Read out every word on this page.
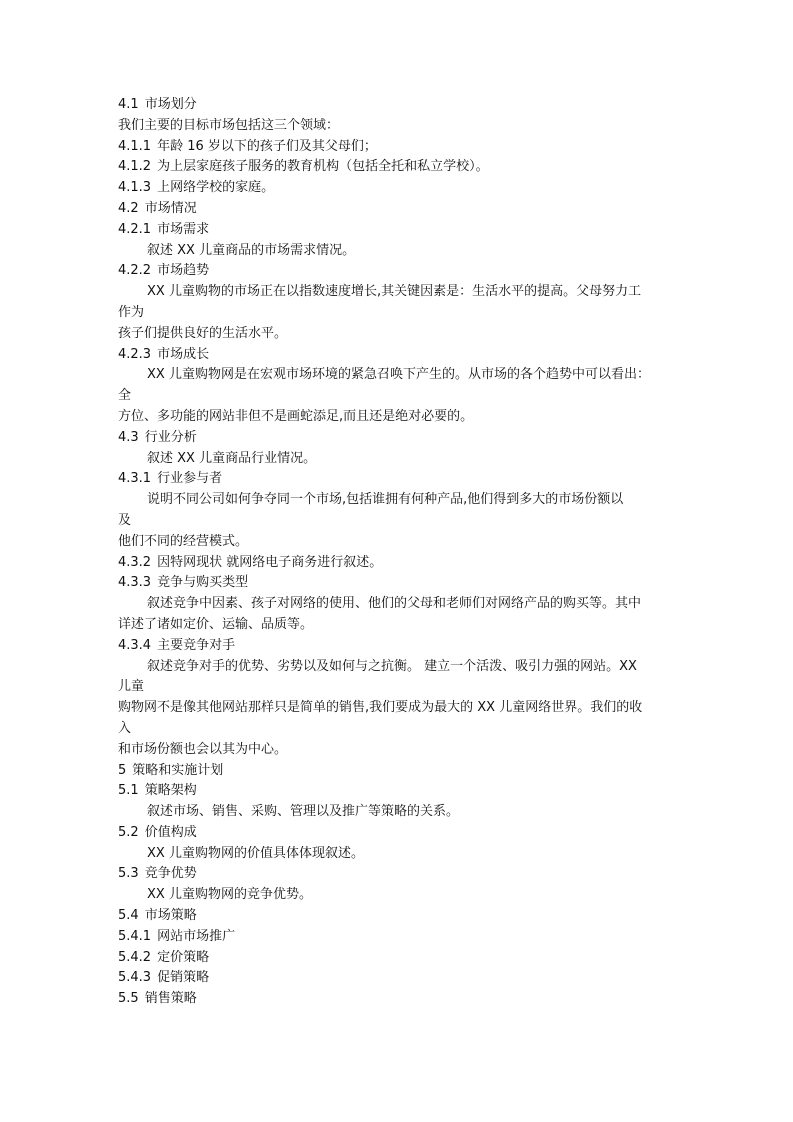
4.1 市场划分
我们主要的目标市场包括这三个领域：
4.1.1 年龄 16 岁以下的孩子们及其父母们；
4.1.2 为上层家庭孩子服务的教育机构（包括全托和私立学校）。
4.1.3 上网络学校的家庭。
4.2 市场情况
4.2.1 市场需求
叙述 XX 儿童商品的市场需求情况。
4.2.2 市场趋势
XX 儿童购物的市场正在以指数速度增长,其关键因素是：生活水平的提高。父母努力工
作为
孩子们提供良好的生活水平。
4.2.3 市场成长
XX 儿童购物网是在宏观市场环境的紧急召唤下产生的。从市场的各个趋势中可以看出：
全
方位、多功能的网站非但不是画蛇添足,而且还是绝对必要的。
4.3 行业分析
叙述 XX 儿童商品行业情况。
4.3.1 行业参与者
说明不同公司如何争夺同一个市场,包括谁拥有何种产品,他们得到多大的市场份额以
及
他们不同的经营模式。
4.3.2 因特网现状 就网络电子商务进行叙述。
4.3.3 竞争与购买类型
叙述竞争中因素、孩子对网络的使用、他们的父母和老师们对网络产品的购买等。其中
详述了诸如定价、运输、品质等。
4.3.4 主要竞争对手
叙述竞争对手的优势、劣势以及如何与之抗衡。 建立一个活泼、吸引力强的网站。XX
儿童
购物网不是像其他网站那样只是简单的销售,我们要成为最大的 XX 儿童网络世界。我们的收
入
和市场份额也会以其为中心。
5 策略和实施计划
5.1 策略架构
叙述市场、销售、采购、管理以及推广等策略的关系。
5.2 价值构成
XX 儿童购物网的价值具体体现叙述。
5.3 竞争优势
XX 儿童购物网的竞争优势。
5.4 市场策略
5.4.1 网站市场推广
5.4.2 定价策略
5.4.3 促销策略
5.5 销售策略
